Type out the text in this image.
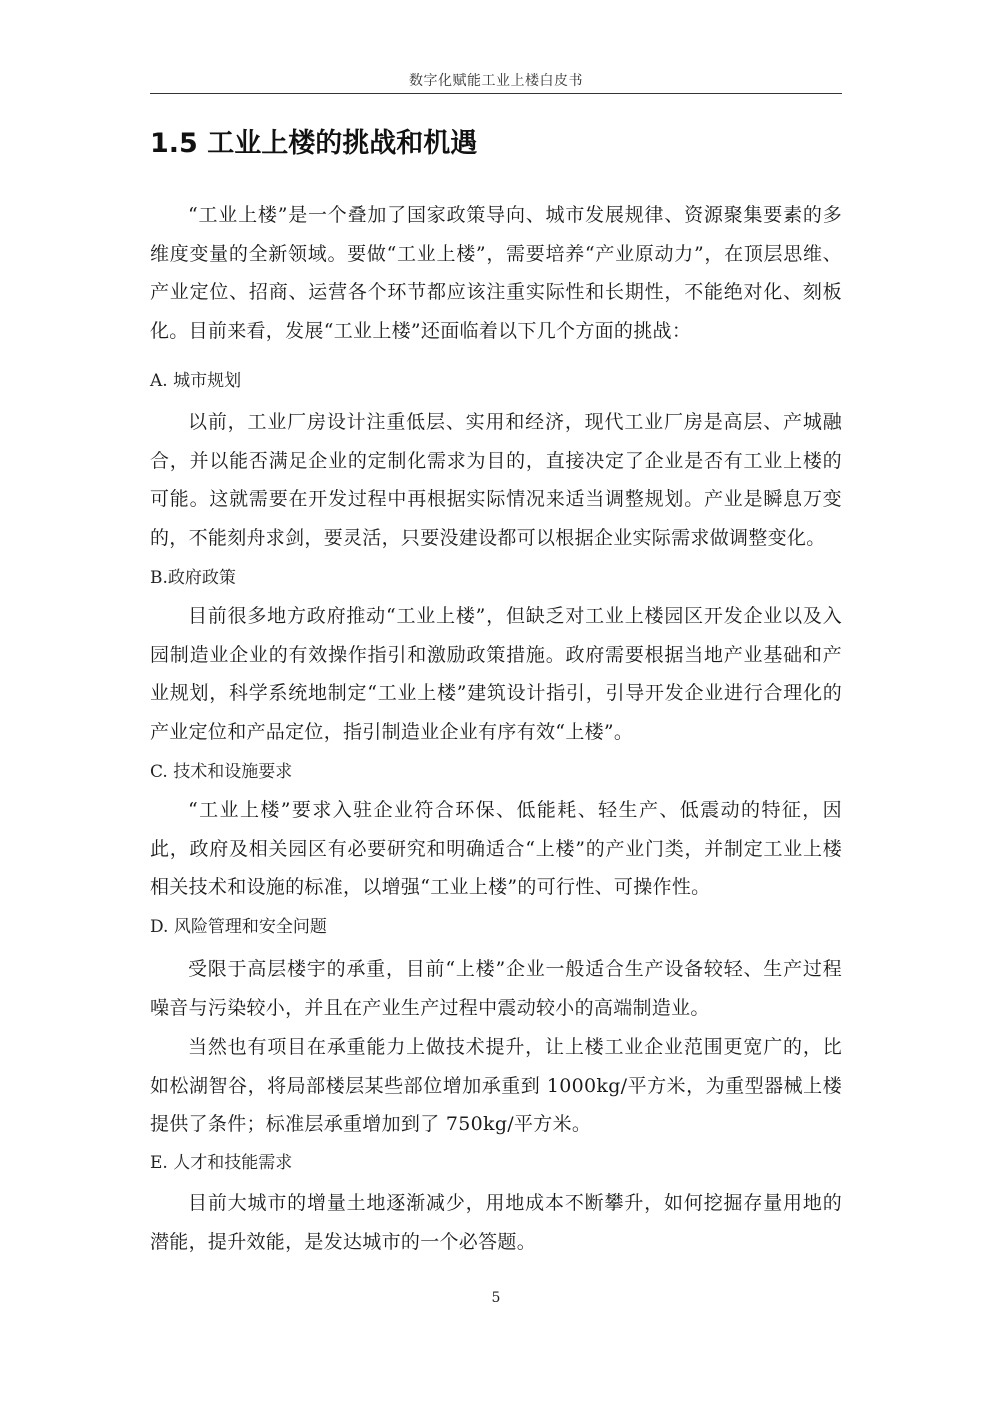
数字化赋能工业上楼白皮书
1.5 工业上楼的挑战和机遇

“工业上楼”是一个叠加了国家政策导向、城市发展规律、资源聚集要素的多维度变量的全新领域。要做“工业上楼”，需要培养“产业原动力”，在顶层思维、产业定位、招商、运营各个环节都应该注重实际性和长期性，不能绝对化、刻板化。目前来看，发展“工业上楼”还面临着以下几个方面的挑战：

A. 城市规划

以前，工业厂房设计注重低层、实用和经济，现代工业厂房是高层、产城融合，并以能否满足企业的定制化需求为目的，直接决定了企业是否有工业上楼的可能。这就需要在开发过程中再根据实际情况来适当调整规划。产业是瞬息万变的，不能刻舟求剑，要灵活，只要没建设都可以根据企业实际需求做调整变化。

B.政府政策

目前很多地方政府推动“工业上楼”，但缺乏对工业上楼园区开发企业以及入园制造业企业的有效操作指引和激励政策措施。政府需要根据当地产业基础和产业规划，科学系统地制定“工业上楼”建筑设计指引，引导开发企业进行合理化的产业定位和产品定位，指引制造业企业有序有效“上楼”。

C. 技术和设施要求

“工业上楼”要求入驻企业符合环保、低能耗、轻生产、低震动的特征，因此，政府及相关园区有必要研究和明确适合“上楼”的产业门类，并制定工业上楼相关技术和设施的标准，以增强“工业上楼”的可行性、可操作性。

D. 风险管理和安全问题

受限于高层楼宇的承重，目前“上楼”企业一般适合生产设备较轻、生产过程噪音与污染较小，并且在产业生产过程中震动较小的高端制造业。

当然也有项目在承重能力上做技术提升，让上楼工业企业范围更宽广的，比如松湖智谷，将局部楼层某些部位增加承重到 1000kg/平方米，为重型器械上楼提供了条件；标准层承重增加到了 750kg/平方米。

E. 人才和技能需求

目前大城市的增量土地逐渐减少，用地成本不断攀升，如何挖掘存量用地的潜能，提升效能，是发达城市的一个必答题。

5
